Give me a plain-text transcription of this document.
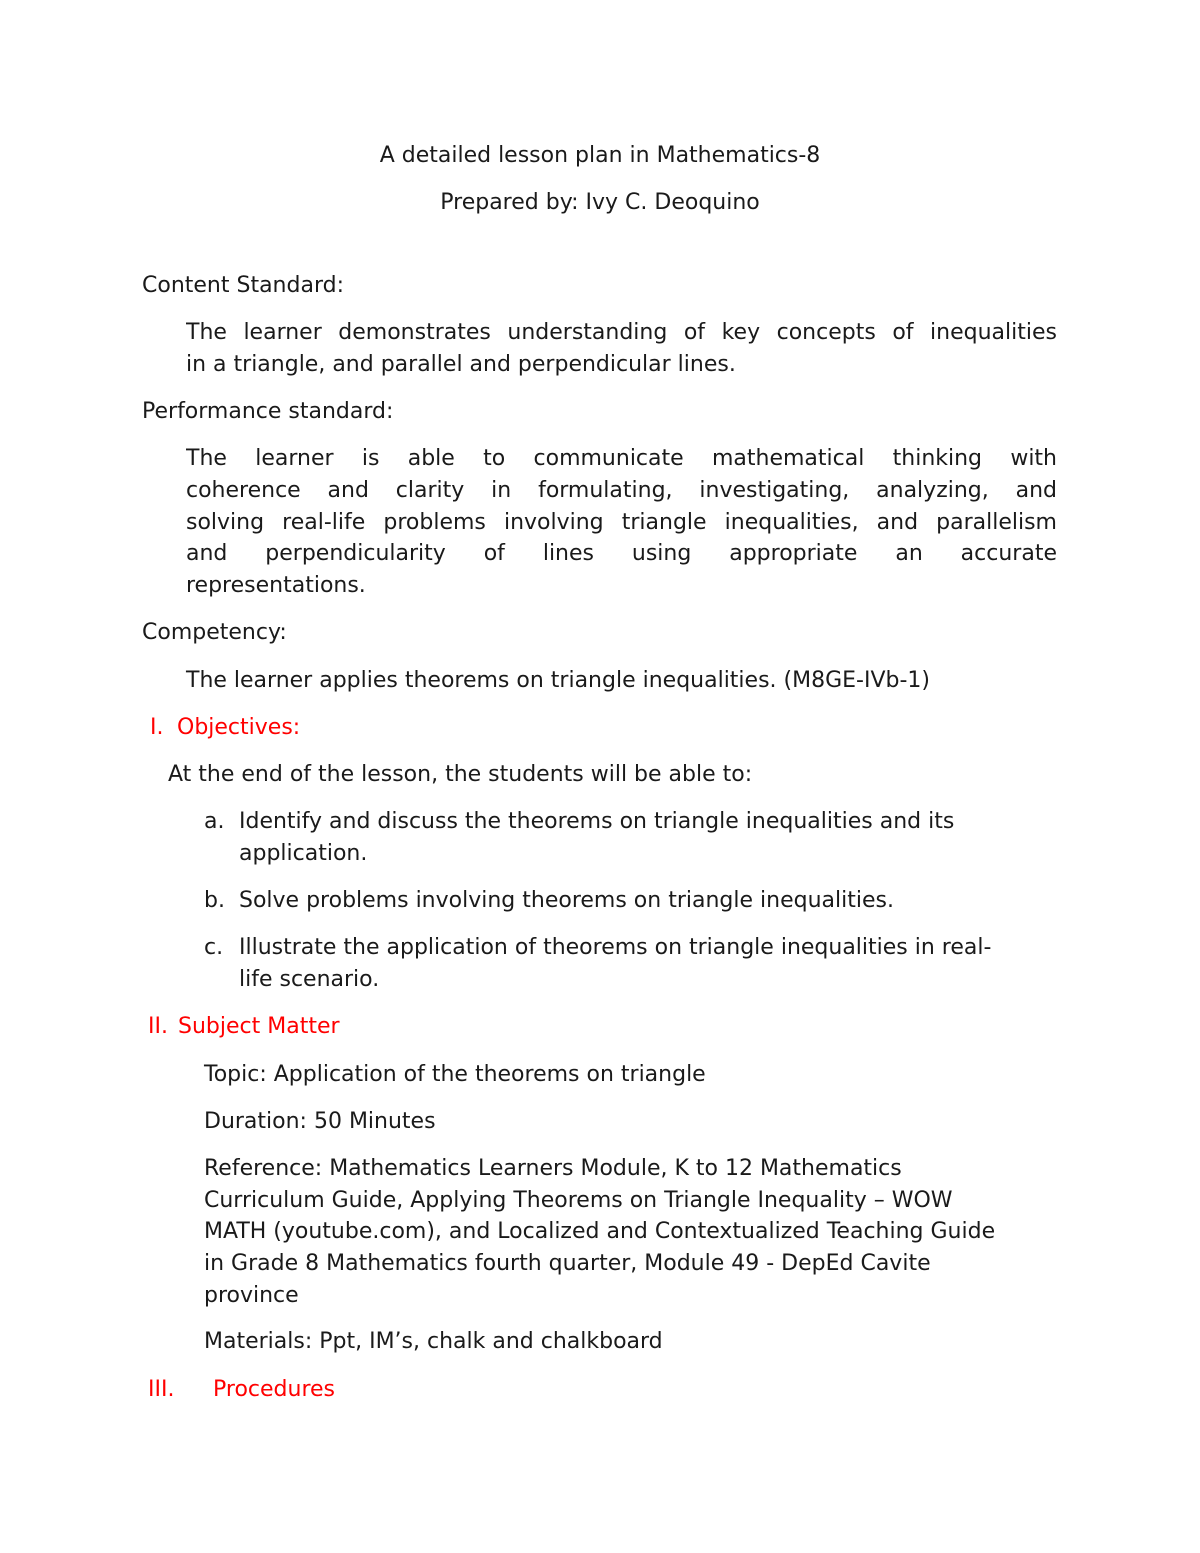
A detailed lesson plan in Mathematics-8

Prepared by: Ivy C. Deoquino

Content Standard:

The learner demonstrates understanding of key concepts of inequalities

in a triangle, and parallel and perpendicular lines.

Performance standard:

The learner is able to communicate mathematical thinking with

coherence and clarity in formulating, investigating, analyzing, and

solving real-life problems involving triangle inequalities, and parallelism

and perpendicularity of lines using appropriate an accurate

representations.

Competency:

The learner applies theorems on triangle inequalities. (M8GE-IVb-1)

I. Objectives:

At the end of the lesson, the students will be able to:

a. Identify and discuss the theorems on triangle inequalities and its

application.

b. Solve problems involving theorems on triangle inequalities.

c. Illustrate the application of theorems on triangle inequalities in real-

life scenario.

II. Subject Matter

Topic: Application of the theorems on triangle

Duration: 50 Minutes

Reference: Mathematics Learners Module, K to 12 Mathematics

Curriculum Guide, Applying Theorems on Triangle Inequality – WOW

MATH (youtube.com), and Localized and Contextualized Teaching Guide

in Grade 8 Mathematics fourth quarter, Module 49 - DepEd Cavite

province

Materials: Ppt, IM’s, chalk and chalkboard

III. Procedures
